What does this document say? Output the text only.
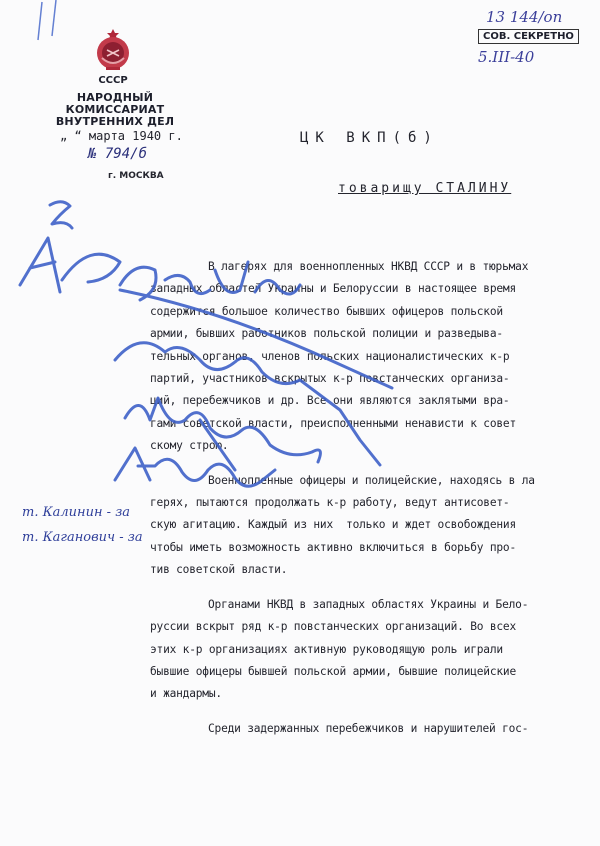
СССР
НАРОДНЫЙ КОМИССАРИАТ
ВНУТРЕННИХ ДЕЛ
„ “ марта 1940 г.
№ 794/б
г. МОСКВА
13 144/оп
СОВ. СЕКРЕТНО
5.III-40
ЦК ВКП(б)
товарищу СТАЛИНУ
В лагерях для военнопленных НКВД СССР и в тюрьмах
западных областей Украины и Белоруссии в настоящее время
содержится большое количество бывших офицеров польской
армии, бывших работников польской полиции и разведыва-
тельных органов, членов польских националистических к-р
партий, участников вскрытых к-р повстанческих организа-
ций, перебежчиков и др. Все они являются заклятыми вра-
гами советской власти, преисполненными ненависти к совет
скому строю.
Военнопленные офицеры и полицейские, находясь в ла
герях, пытаются продолжать к-р работу, ведут антисовет-
скую агитацию. Каждый из них  только и ждет освобождения
чтобы иметь возможность активно включиться в борьбу про-
тив советской власти.
Органами НКВД в западных областях Украины и Бело-
руссии вскрыт ряд к-р повстанческих организаций. Во всех
этих к-р организациях активную руководящую роль играли
бывшие офицеры бывшей польской армии, бывшие полицейские
и жандармы.
Среди задержанных перебежчиков и нарушителей гос-
т. Калинин - за
т. Каганович - за
